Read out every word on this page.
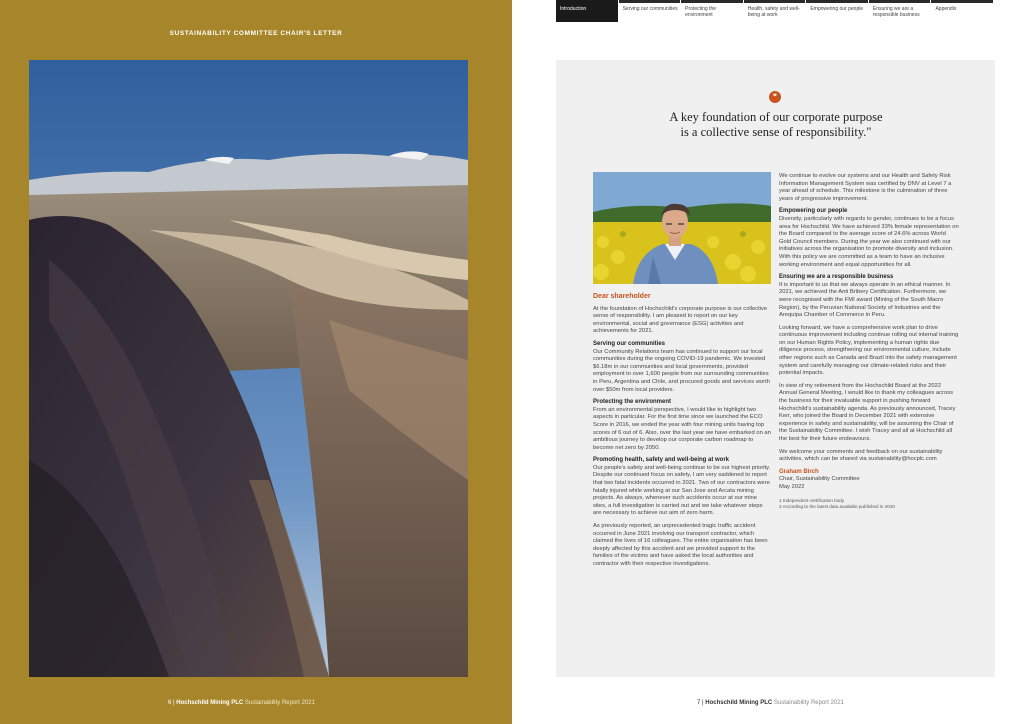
SUSTAINABILITY COMMITTEE CHAIR'S LETTER
6 | Hochschild Mining PLC Sustainability Report 2021
Introduction	Serving our communities	Protecting the environment
Health, safety and well-being at work
Empowering our people	Ensuring we are a responsible business
Appendix
❞
A key foundation of our corporate purpose
is a collective sense of responsibility."

Dear shareholder

At the foundation of Hochschild's corporate purpose is our collective sense of responsibility. I am pleased to report on our key environmental, social and governance (ESG) activities and achievements for 2021.

Serving our communities

Our Community Relations team has continued to support our local communities during the ongoing COVID-19 pandemic. We invested $6.18m in our communities and local governments, provided employment to over 1,600 people from our surrounding communities in Peru, Argentina and Chile, and procured goods and services worth over $50m from local providers.

Protecting the environment

From an environmental perspective, I would like to highlight two aspects in particular. For the first time since we launched the ECO Score in 2016, we ended the year with four mining units having top scores of 6 out of 6. Also, over the last year we have embarked on an ambitious journey to develop our corporate carbon roadmap to become net zero by 2050.

Promoting health, safety and well-being at work

Our people's safety and well-being continue to be our highest priority. Despite our continued focus on safety, I am very saddened to report that two fatal incidents occurred in 2021. Two of our contractors were fatally injured while working at our San Jose and Arcata mining projects. As always, whenever such accidents occur at our mine sites, a full investigation is carried out and we take whatever steps are necessary to achieve our aim of zero harm.

As previously reported, an unprecedented tragic traffic accident occurred in June 2021 involving our transport contractor, which claimed the lives of 16 colleagues. The entire organisation has been deeply affected by this accident and we provided support to the families of the victims and have asked the local authorities and contractor with their respective investigations.

We continue to evolve our systems and our Health and Safety Risk Information Management System was certified by DNV at Level 7 a year ahead of schedule. This milestone is the culmination of three years of progressive improvement.

Empowering our people

Diversity, particularly with regards to gender, continues to be a focus area for Hochschild. We have achieved 33% female representation on the Board compared to the average score of 24.6% across World Gold Council members. During the year we also continued with our initiatives across the organisation to promote diversity and inclusion. With this policy we are committed as a team to have an inclusive working environment and equal opportunities for all.

Ensuring we are a responsible business

It is important to us that we always operate in an ethical manner. In 2021, we achieved the Anti Bribery Certification. Furthermore, we were recognised with the FMI award (Mining of the South Macro Region), by the Peruvian National Society of Industries and the Arequipa Chamber of Commerce in Peru.

Looking forward, we have a comprehensive work plan to drive continuous improvement including continue rolling out internal training on our Human Rights Policy, implementing a human rights due diligence process, strengthening our environmental culture, include other regions such as Canada and Brazil into the safety management system and carefully managing our climate-related risks and their potential impacts.

In view of my retirement from the Hochschild Board at the 2022 Annual General Meeting, I would like to thank my colleagues across the business for their invaluable support in pushing forward Hochschild's sustainability agenda. As previously announced, Tracey Kerr, who joined the Board in December 2021 with extensive experience in safety and sustainability, will be assuming the Chair of the Sustainability Committee. I wish Tracey and all at Hochschild all the best for their future endeavours.

We welcome your comments and feedback on our sustainability activities, which can be shared via sustainability@hocplc.com

Graham Birch
Chair, Sustainability Committee
May 2022
1 Independent certification body
2 According to the latest data available published in 2020
7 | Hochschild Mining PLC Sustainability Report 2021
